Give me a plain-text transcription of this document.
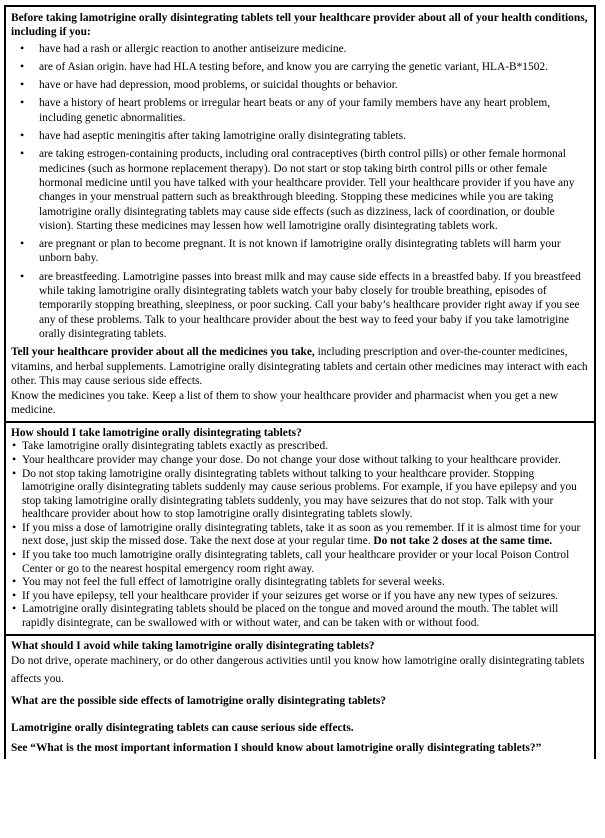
Before taking lamotrigine orally disintegrating tablets tell your healthcare provider about all of your health conditions, including if you:
• have had a rash or allergic reaction to another antiseizure medicine.
• are of Asian origin. have had HLA testing before, and know you are carrying the genetic variant, HLA-B*1502.
• have or have had depression, mood problems, or suicidal thoughts or behavior.
• have a history of heart problems or irregular heart beats or any of your family members have any heart problem, including genetic abnormalities.
• have had aseptic meningitis after taking lamotrigine orally disintegrating tablets.
• are taking estrogen-containing products, including oral contraceptives (birth control pills) or other female hormonal medicines (such as hormone replacement therapy). Do not start or stop taking birth control pills or other female hormonal medicine until you have talked with your healthcare provider. Tell your healthcare provider if you have any changes in your menstrual pattern such as breakthrough bleeding. Stopping these medicines while you are taking lamotrigine orally disintegrating tablets may cause side effects (such as dizziness, lack of coordination, or double vision). Starting these medicines may lessen how well lamotrigine orally disintegrating tablets work.
• are pregnant or plan to become pregnant. It is not known if lamotrigine orally disintegrating tablets will harm your unborn baby.
• are breastfeeding. Lamotrigine passes into breast milk and may cause side effects in a breastfed baby. If you breastfeed while taking lamotrigine orally disintegrating tablets watch your baby closely for trouble breathing, episodes of temporarily stopping breathing, sleepiness, or poor sucking. Call your baby’s healthcare provider right away if you see any of these problems. Talk to your healthcare provider about the best way to feed your baby if you take lamotrigine orally disintegrating tablets.

Tell your healthcare provider about all the medicines you take, including prescription and over-the-counter medicines, vitamins, and herbal supplements. Lamotrigine orally disintegrating tablets and certain other medicines may interact with each other. This may cause serious side effects.

Know the medicines you take. Keep a list of them to show your healthcare provider and pharmacist when you get a new medicine.

How should I take lamotrigine orally disintegrating tablets?
• Take lamotrigine orally disintegrating tablets exactly as prescribed.
• Your healthcare provider may change your dose. Do not change your dose without talking to your healthcare provider.
• Do not stop taking lamotrigine orally disintegrating tablets without talking to your healthcare provider. Stopping lamotrigine orally disintegrating tablets suddenly may cause serious problems. For example, if you have epilepsy and you stop taking lamotrigine orally disintegrating tablets suddenly, you may have seizures that do not stop. Talk with your healthcare provider about how to stop lamotrigine orally disintegrating tablets slowly.
• If you miss a dose of lamotrigine orally disintegrating tablets, take it as soon as you remember. If it is almost time for your next dose, just skip the missed dose. Take the next dose at your regular time. Do not take 2 doses at the same time.
• If you take too much lamotrigine orally disintegrating tablets, call your healthcare provider or your local Poison Control Center or go to the nearest hospital emergency room right away.
• You may not feel the full effect of lamotrigine orally disintegrating tablets for several weeks.
• If you have epilepsy, tell your healthcare provider if your seizures get worse or if you have any new types of seizures.
• Lamotrigine orally disintegrating tablets should be placed on the tongue and moved around the mouth. The tablet will rapidly disintegrate, can be swallowed with or without water, and can be taken with or without food.
What should I avoid while taking lamotrigine orally disintegrating tablets?

Do not drive, operate machinery, or do other dangerous activities until you know how lamotrigine orally disintegrating tablets affects you.

What are the possible side effects of lamotrigine orally disintegrating tablets?
Lamotrigine orally disintegrating tablets can cause serious side effects.
See “What is the most important information I should know about lamotrigine orally disintegrating tablets?”
